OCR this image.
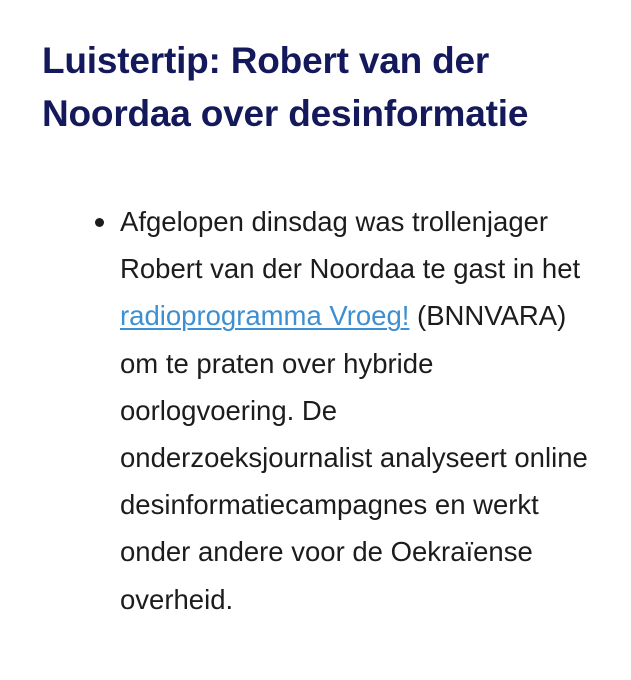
Luistertip: Robert van der Noordaa over desinformatie
Afgelopen dinsdag was trollenjager Robert van der Noordaa te gast in het radioprogramma Vroeg! (BNNVARA) om te praten over hybride oorlogvoering. De onderzoeksjournalist analyseert online desinformatiecampagnes en werkt onder andere voor de Oekraïense overheid.
